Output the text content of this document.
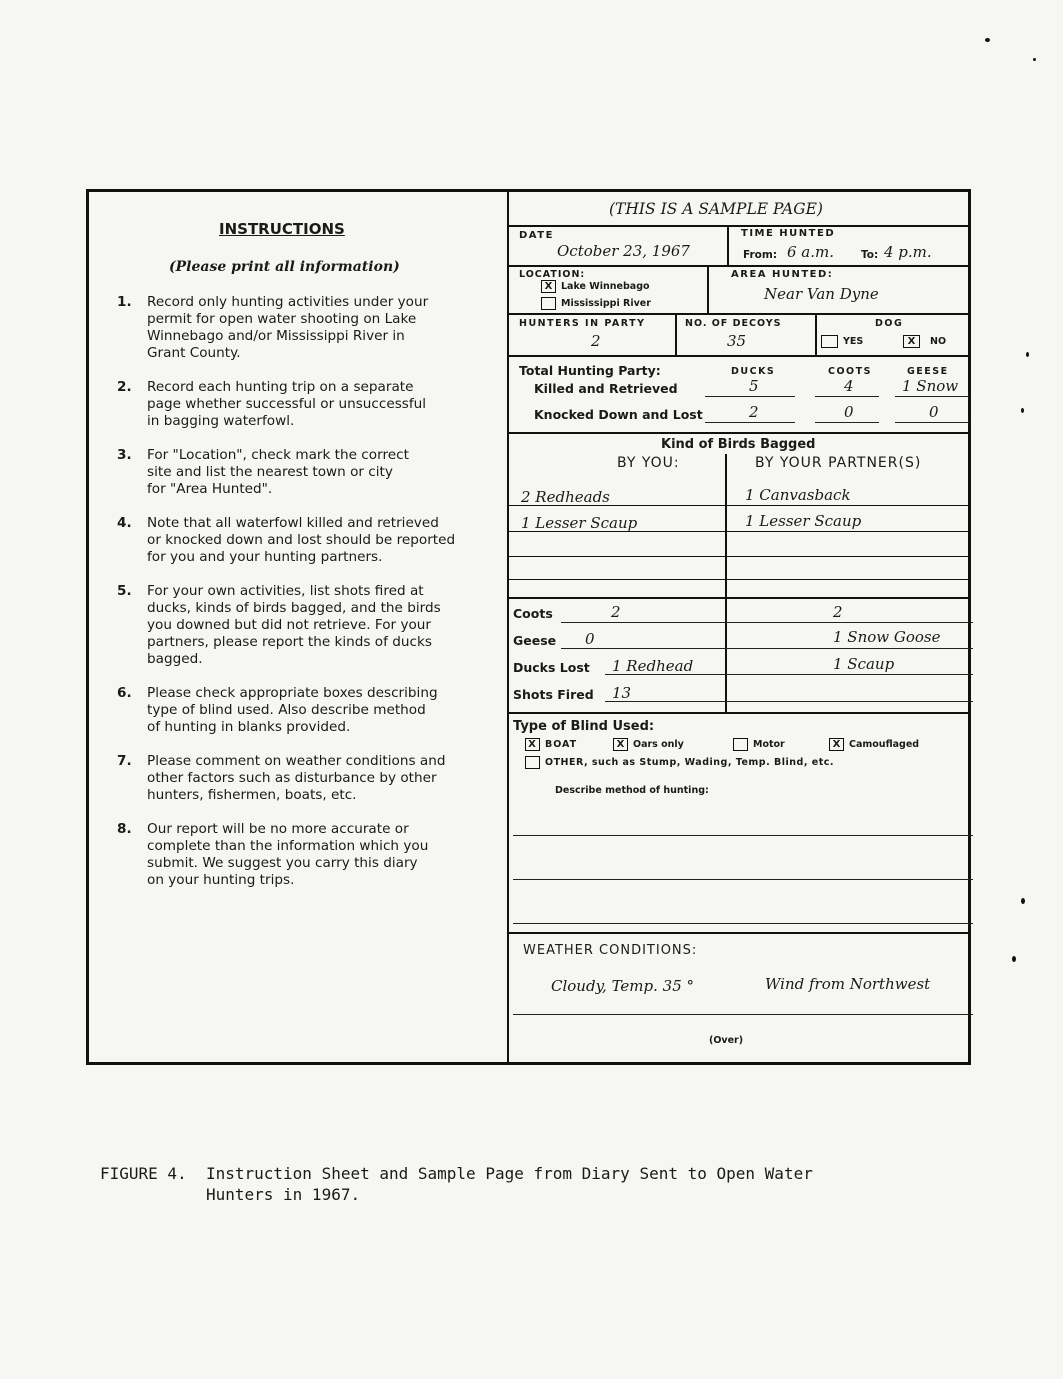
INSTRUCTIONS
(Please print all information)
1.	Record only hunting activities under your
permit for open water shooting on Lake
Winnebago and/or Mississippi River in
Grant County.
2.	Record each hunting trip on a separate
page whether successful or unsuccessful
in bagging waterfowl.
3.	For "Location", check mark the correct
site and list the nearest town or city
for "Area Hunted".
4.	Note that all waterfowl killed and retrieved
or knocked down and lost should be reported
for you and your hunting partners.
5.	For your own activities, list shots fired at
ducks, kinds of birds bagged, and the birds
you downed but did not retrieve. For your
partners, please report the kinds of ducks
bagged.
6.	Please check appropriate boxes describing
type of blind used. Also describe method
of hunting in blanks provided.
7.	Please comment on weather conditions and
other factors such as disturbance by other
hunters, fishermen, boats, etc.
8.	Our report will be no more accurate or
complete than the information which you
submit. We suggest you carry this diary
on your hunting trips.
(THIS IS A SAMPLE PAGE)
DATE
October 23, 1967
TIME HUNTED
From: 6 a.m.	To: 4 p.m.
LOCATION:
X Lake Winnebago
Mississippi River
AREA HUNTED:
Near Van Dyne
HUNTERS IN PARTY
2
NO. OF DECOYS
35
DOG
YES	X NO
Total Hunting Party:	DUCKS	COOTS	GEESE
Killed and Retrieved	5	4	1 Snow
Knocked Down and Lost	2	0	0
Kind of Birds Bagged
BY YOU:	BY YOUR PARTNER(S)
2 Redheads	1 Canvasback
1 Lesser Scaup	1 Lesser Scaup
Coots	2	2
Geese 0	1 Snow Goose
Ducks Lost 1 Redhead	1 Scaup
Shots Fired 13
Type of Blind Used:
X BOAT	X Oars only	Motor	X Camouflaged
OTHER, such as Stump, Wading, Temp. Blind, etc.
Describe method of hunting:
WEATHER CONDITIONS:
Cloudy, Temp. 35 °	Wind from Northwest
(Over)
FIGURE 4. Instruction Sheet and Sample Page from Diary Sent to Open Water
Hunters in 1967.
